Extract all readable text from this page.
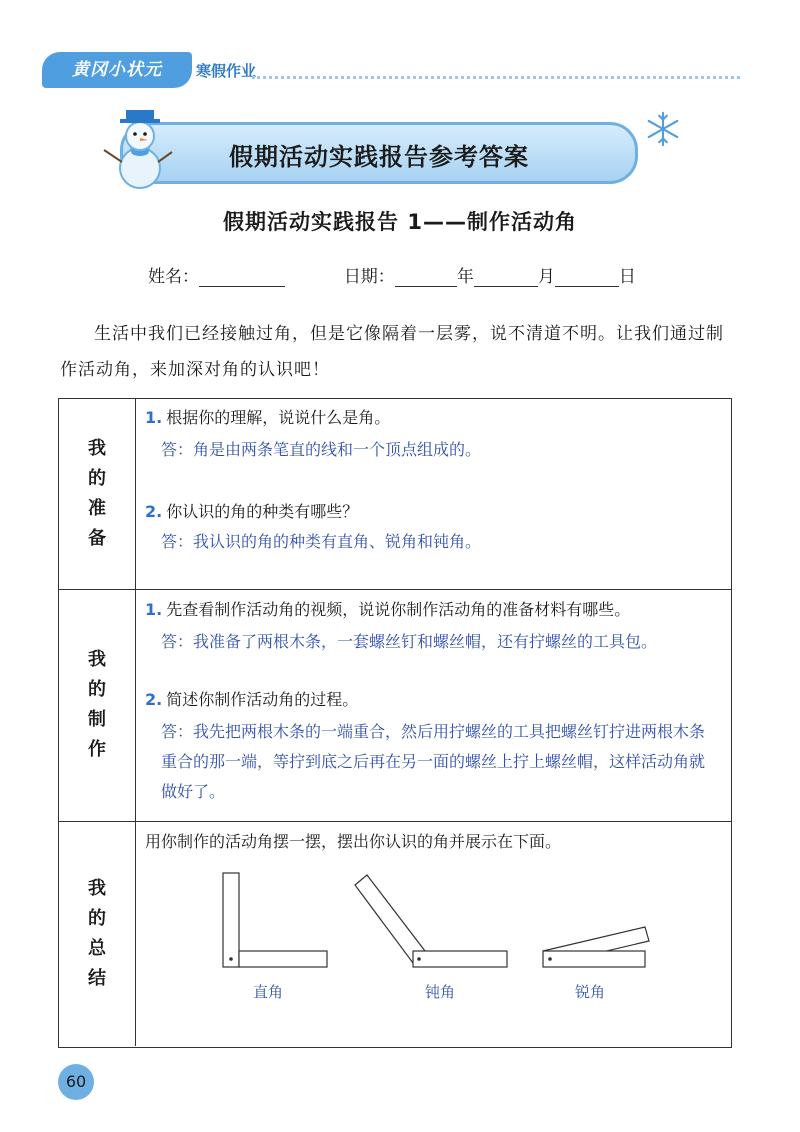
黄冈小状元	寒假作业
假期活动实践报告参考答案
假期活动实践报告 1——制作活动角
姓名：	日期：	年	月	日
生活中我们已经接触过角，但是它像隔着一层雾，说不清道不明。让我们通过制作活动角，来加深对角的认识吧！
我的准备
1. 根据你的理解，说说什么是角。
答：角是由两条笔直的线和一个顶点组成的。
2. 你认识的角的种类有哪些？
答：我认识的角的种类有直角、锐角和钝角。
我的制作
1. 先查看制作活动角的视频，说说你制作活动角的准备材料有哪些。
答：我准备了两根木条，一套螺丝钉和螺丝帽，还有拧螺丝的工具包。
2. 简述你制作活动角的过程。
答：我先把两根木条的一端重合，然后用拧螺丝的工具把螺丝钉拧进两根木条重合的那一端，等拧到底之后再在另一面的螺丝上拧上螺丝帽，这样活动角就做好了。
我的总结
用你制作的活动角摆一摆，摆出你认识的角并展示在下面。
直角	钝角	锐角
60
